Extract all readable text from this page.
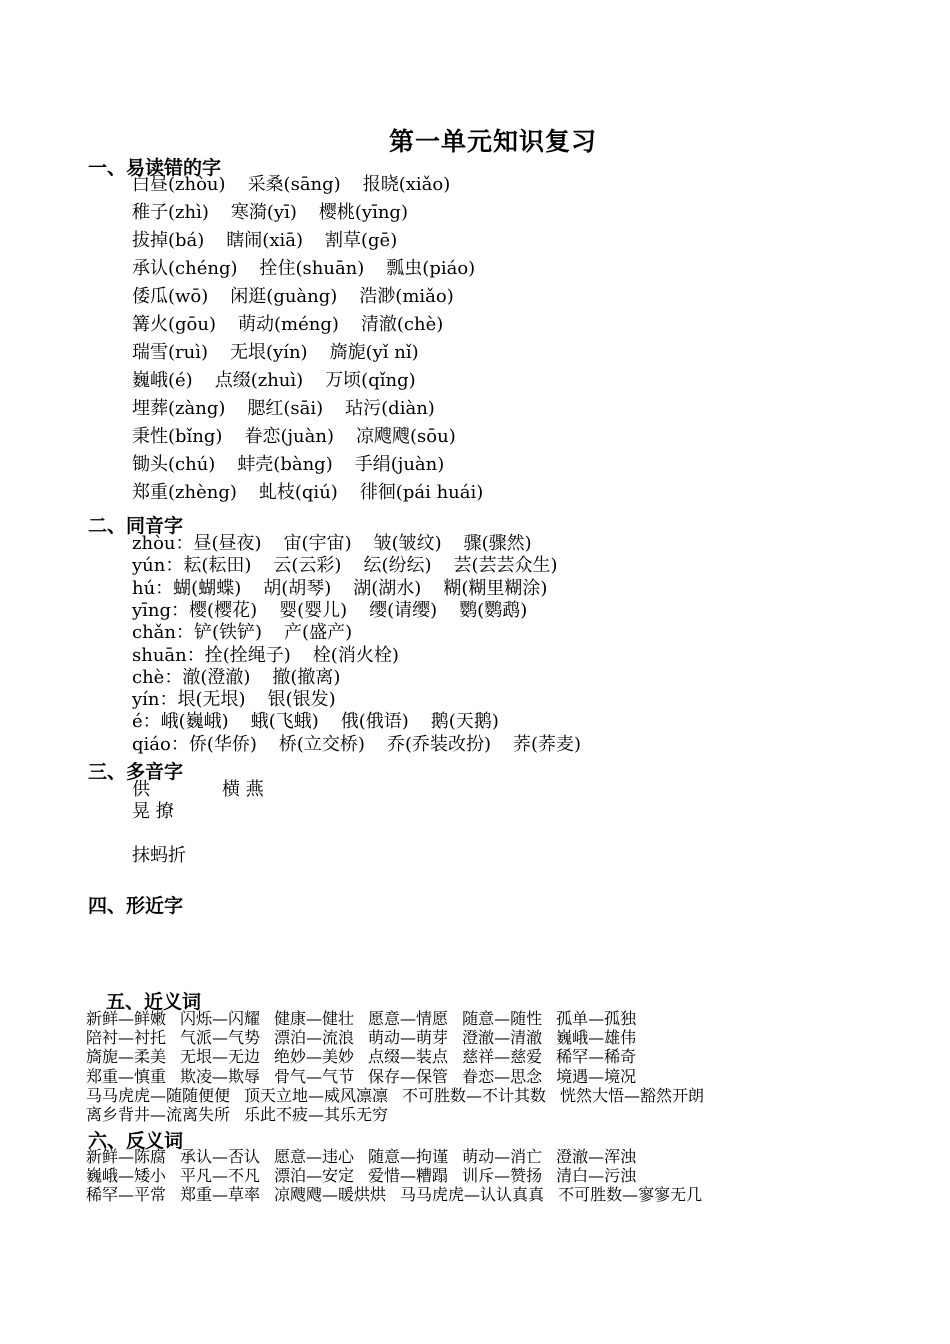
第一单元知识复习
一、易读错的字
白昼(zhòu) 采桑(sāng) 报晓(xiǎo)
稚子(zhì) 寒漪(yī) 樱桃(yīng)
拔掉(bá) 瞎闹(xiā) 割草(gē)
承认(chéng) 拴住(shuān) 瓢虫(piáo)
倭瓜(wō) 闲逛(guàng) 浩渺(miǎo)
篝火(gōu) 萌动(méng) 清澈(chè)
瑞雪(ruì) 无垠(yín) 旖旎(yǐ nǐ)
巍峨(é) 点缀(zhuì) 万顷(qǐng)
埋葬(zàng) 腮红(sāi) 玷污(diàn)
秉性(bǐng) 眷恋(juàn) 凉飕飕(sōu)
锄头(chú) 蚌壳(bàng) 手绢(juàn)
郑重(zhèng) 虬枝(qiú) 徘徊(pái huái)
二、同音字
zhòu：昼(昼夜) 宙(宇宙) 皱(皱纹) 骤(骤然)
yún：耘(耘田) 云(云彩) 纭(纷纭) 芸(芸芸众生)
hú：蝴(蝴蝶) 胡(胡琴) 湖(湖水) 糊(糊里糊涂)
yīng：樱(樱花) 婴(婴儿) 缨(请缨) 鹦(鹦鹉)
chǎn：铲(铁铲) 产(盛产)
shuān：拴(拴绳子) 栓(消火栓)
chè：澈(澄澈) 撤(撤离)
yín：垠(无垠) 银(银发)
é：峨(巍峨) 蛾(飞蛾) 俄(俄语) 鹅(天鹅)
qiáo：侨(华侨) 桥(立交桥) 乔(乔装改扮) 荞(荞麦)
三、多音字
供	横 燕
晃 撩
抹蚂折
四、形近字
五、近义词
新鲜—鲜嫩 闪烁—闪耀 健康—健壮 愿意—情愿 随意—随性 孤单—孤独
陪衬—衬托 气派—气势 漂泊—流浪 萌动—萌芽 澄澈—清澈 巍峨—雄伟
旖旎—柔美 无垠—无边 绝妙—美妙 点缀—装点 慈祥—慈爱 稀罕—稀奇
郑重—慎重 欺凌—欺辱 骨气—气节 保存—保管 眷恋—思念 境遇—境况
马马虎虎—随随便便 顶天立地—威风凛凛 不可胜数—不计其数 恍然大悟—豁然开朗
离乡背井—流离失所 乐此不疲—其乐无穷
六、反义词
新鲜—陈腐 承认—否认 愿意—违心 随意—拘谨 萌动—消亡 澄澈—浑浊
巍峨—矮小 平凡—不凡 漂泊—安定 爱惜—糟蹋 训斥—赞扬 清白—污浊
稀罕—平常 郑重—草率 凉飕飕—暖烘烘 马马虎虎—认认真真 不可胜数—寥寥无几
